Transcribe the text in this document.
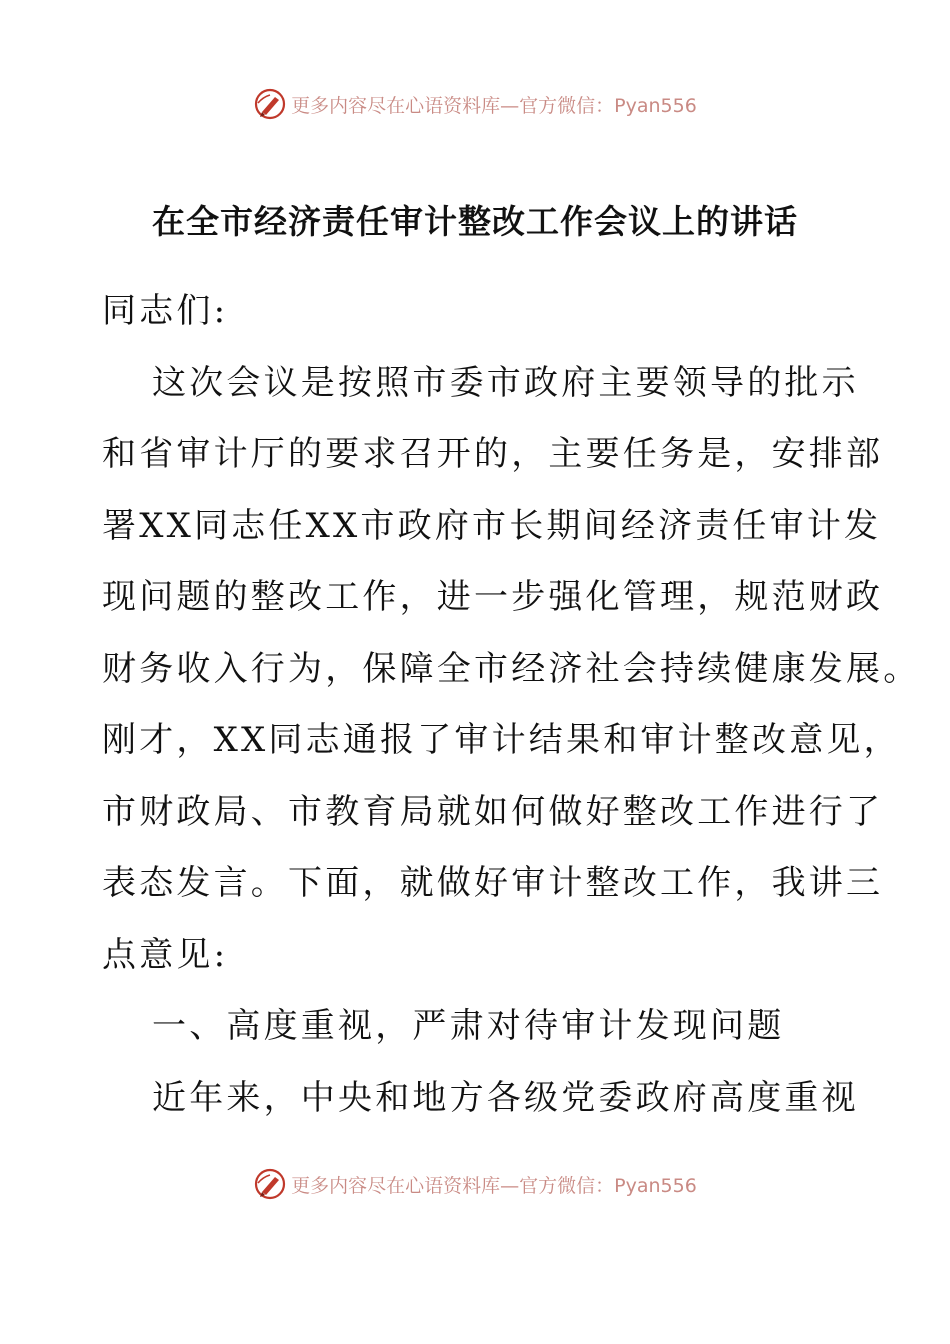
更多内容尽在心语资料库—官方微信：Pyan556
在全市经济责任审计整改工作会议上的讲话
同志们:
这次会议是按照市委市政府主要领导的批示
和省审计厅的要求召开的，主要任务是，安排部
署XX同志任XX市政府市长期间经济责任审计发
现问题的整改工作，进一步强化管理，规范财政
财务收入行为，保障全市经济社会持续健康发展。
刚才，XX同志通报了审计结果和审计整改意见，
市财政局、市教育局就如何做好整改工作进行了
表态发言。下面，就做好审计整改工作，我讲三
点意见:
一、高度重视，严肃对待审计发现问题
近年来，中央和地方各级党委政府高度重视
更多内容尽在心语资料库—官方微信：Pyan556
